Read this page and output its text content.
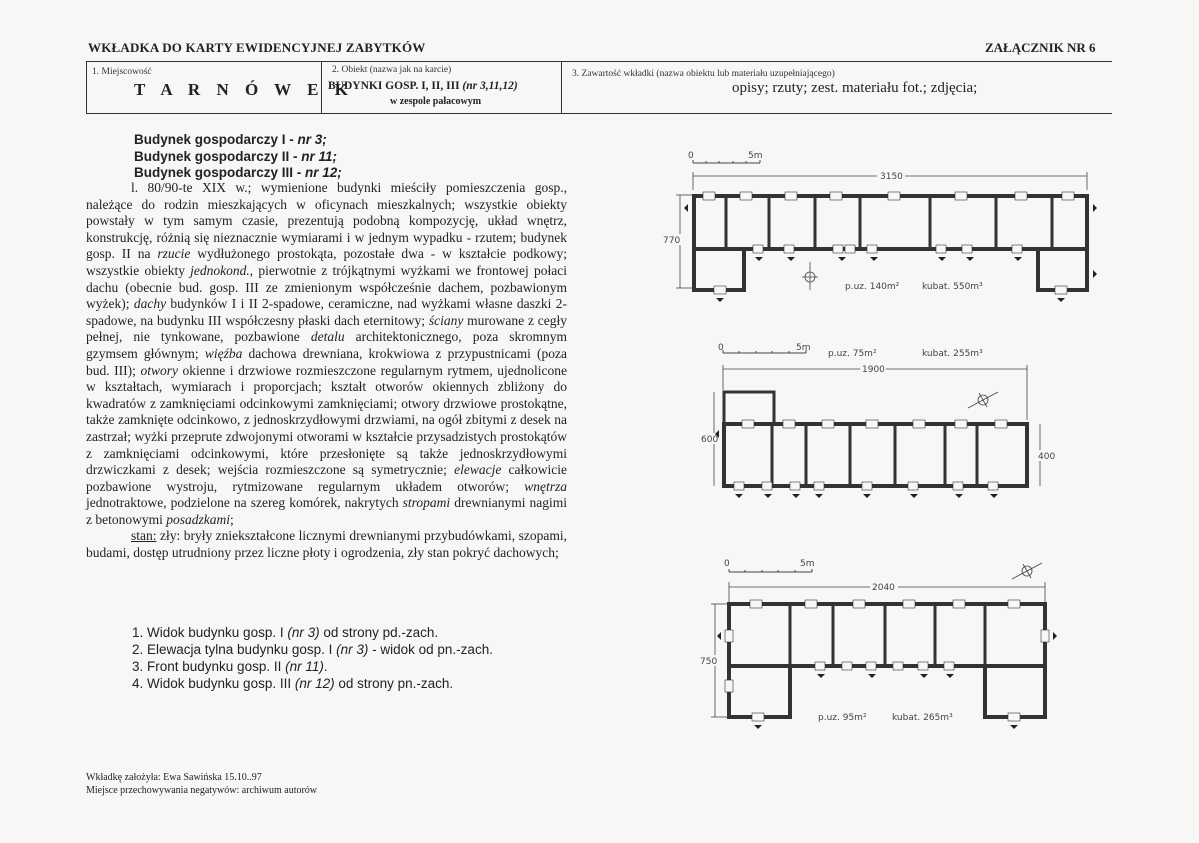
WKŁADKA DO KARTY EWIDENCYJNEJ ZABYTKÓW	ZAŁĄCZNIK NR 6
1. Miejscowość
T A R N Ó W E K
2. Obiekt (nazwa jak na karcie)
BUDYNKI GOSP. I, II, III (nr 3,11,12)
w zespole pałacowym
3. Zawartość wkładki (nazwa obiektu lub materiału uzupełniającego)
opisy; rzuty; zest. materiału fot.; zdjęcia;
Budynek gospodarczy I - nr 3;
Budynek gospodarczy II - nr 11;
Budynek gospodarczy III - nr 12;

l. 80/90-te XIX w.; wymienione budynki mieściły pomieszczenia gosp., należące do rodzin mieszkających w oficynach mieszkalnych; wszystkie obiekty powstały w tym samym czasie, prezentują podobną kompozycję, układ wnętrz, konstrukcję, różnią się nieznacznie wymiarami i w jednym wypadku - rzutem; budynek gosp. II na rzucie wydłużonego prostokąta, pozostałe dwa - w kształcie podkowy; wszystkie obiekty jednokond., pierwotnie z trójkątnymi wyżkami we frontowej połaci dachu (obecnie bud. gosp. III ze zmienionym współcześnie dachem, pozbawionym wyżek); dachy budynków I i II 2-spadowe, ceramiczne, nad wyżkami własne daszki 2-spadowe, na budynku III współczesny płaski dach eternitowy; ściany murowane z cegły pełnej, nie tynkowane, pozbawione detalu architektonicznego, poza skromnym gzymsem głównym; więźba dachowa drewniana, krokwiowa z przypustnicami (poza bud. III); otwory okienne i drzwiowe rozmieszczone regularnym rytmem, ujednolicone w kształtach, wymiarach i proporcjach; kształt otworów okiennych zbliżony do kwadratów z zamknięciami odcinkowymi zamknięciami; otwory drzwiowe prostokątne, także zamknięte odcinkowo, z jednoskrzydłowymi drzwiami, na ogół zbitymi z desek na zastrzał; wyżki przeprute zdwojonymi otworami w kształcie przysadzistych prostokątów z zamknięciami odcinkowymi, które przesłonięte są także jednoskrzydłowymi drzwiczkami z desek; wejścia rozmieszczone są symetrycznie; elewacje całkowicie pozbawione wystroju, rytmizowane regularnym układem otworów; wnętrza jednotraktowe, podzielone na szereg komórek, nakrytych stropami drewnianymi nagimi z betonowymi posadzkami;

stan: zły: bryły zniekształcone licznymi drewnianymi przybudówkami, szopami, budami, dostęp utrudniony przez liczne płoty i ogrodzenia, zły stan pokryć dachowych;

1. Widok budynku gosp. I (nr 3) od strony pd.-zach.
2. Elewacja tylna budynku gosp. I (nr 3) - widok od pn.-zach.
3. Front budynku gosp. II (nr 11).
4. Widok budynku gosp. III (nr 12) od strony pn.-zach.
Wkładkę założyła: Ewa Sawińska 15.10..97
Miejsce przechowywania negatywów: archiwum autorów
0	5m
3150
770
p.uz. 140m²	kubat. 550m³
0	5m
p.uz. 75m²	kubat. 255m³
1900
600
400
0	5m
2040
750
p.uz. 95m²	kubat. 265m³
